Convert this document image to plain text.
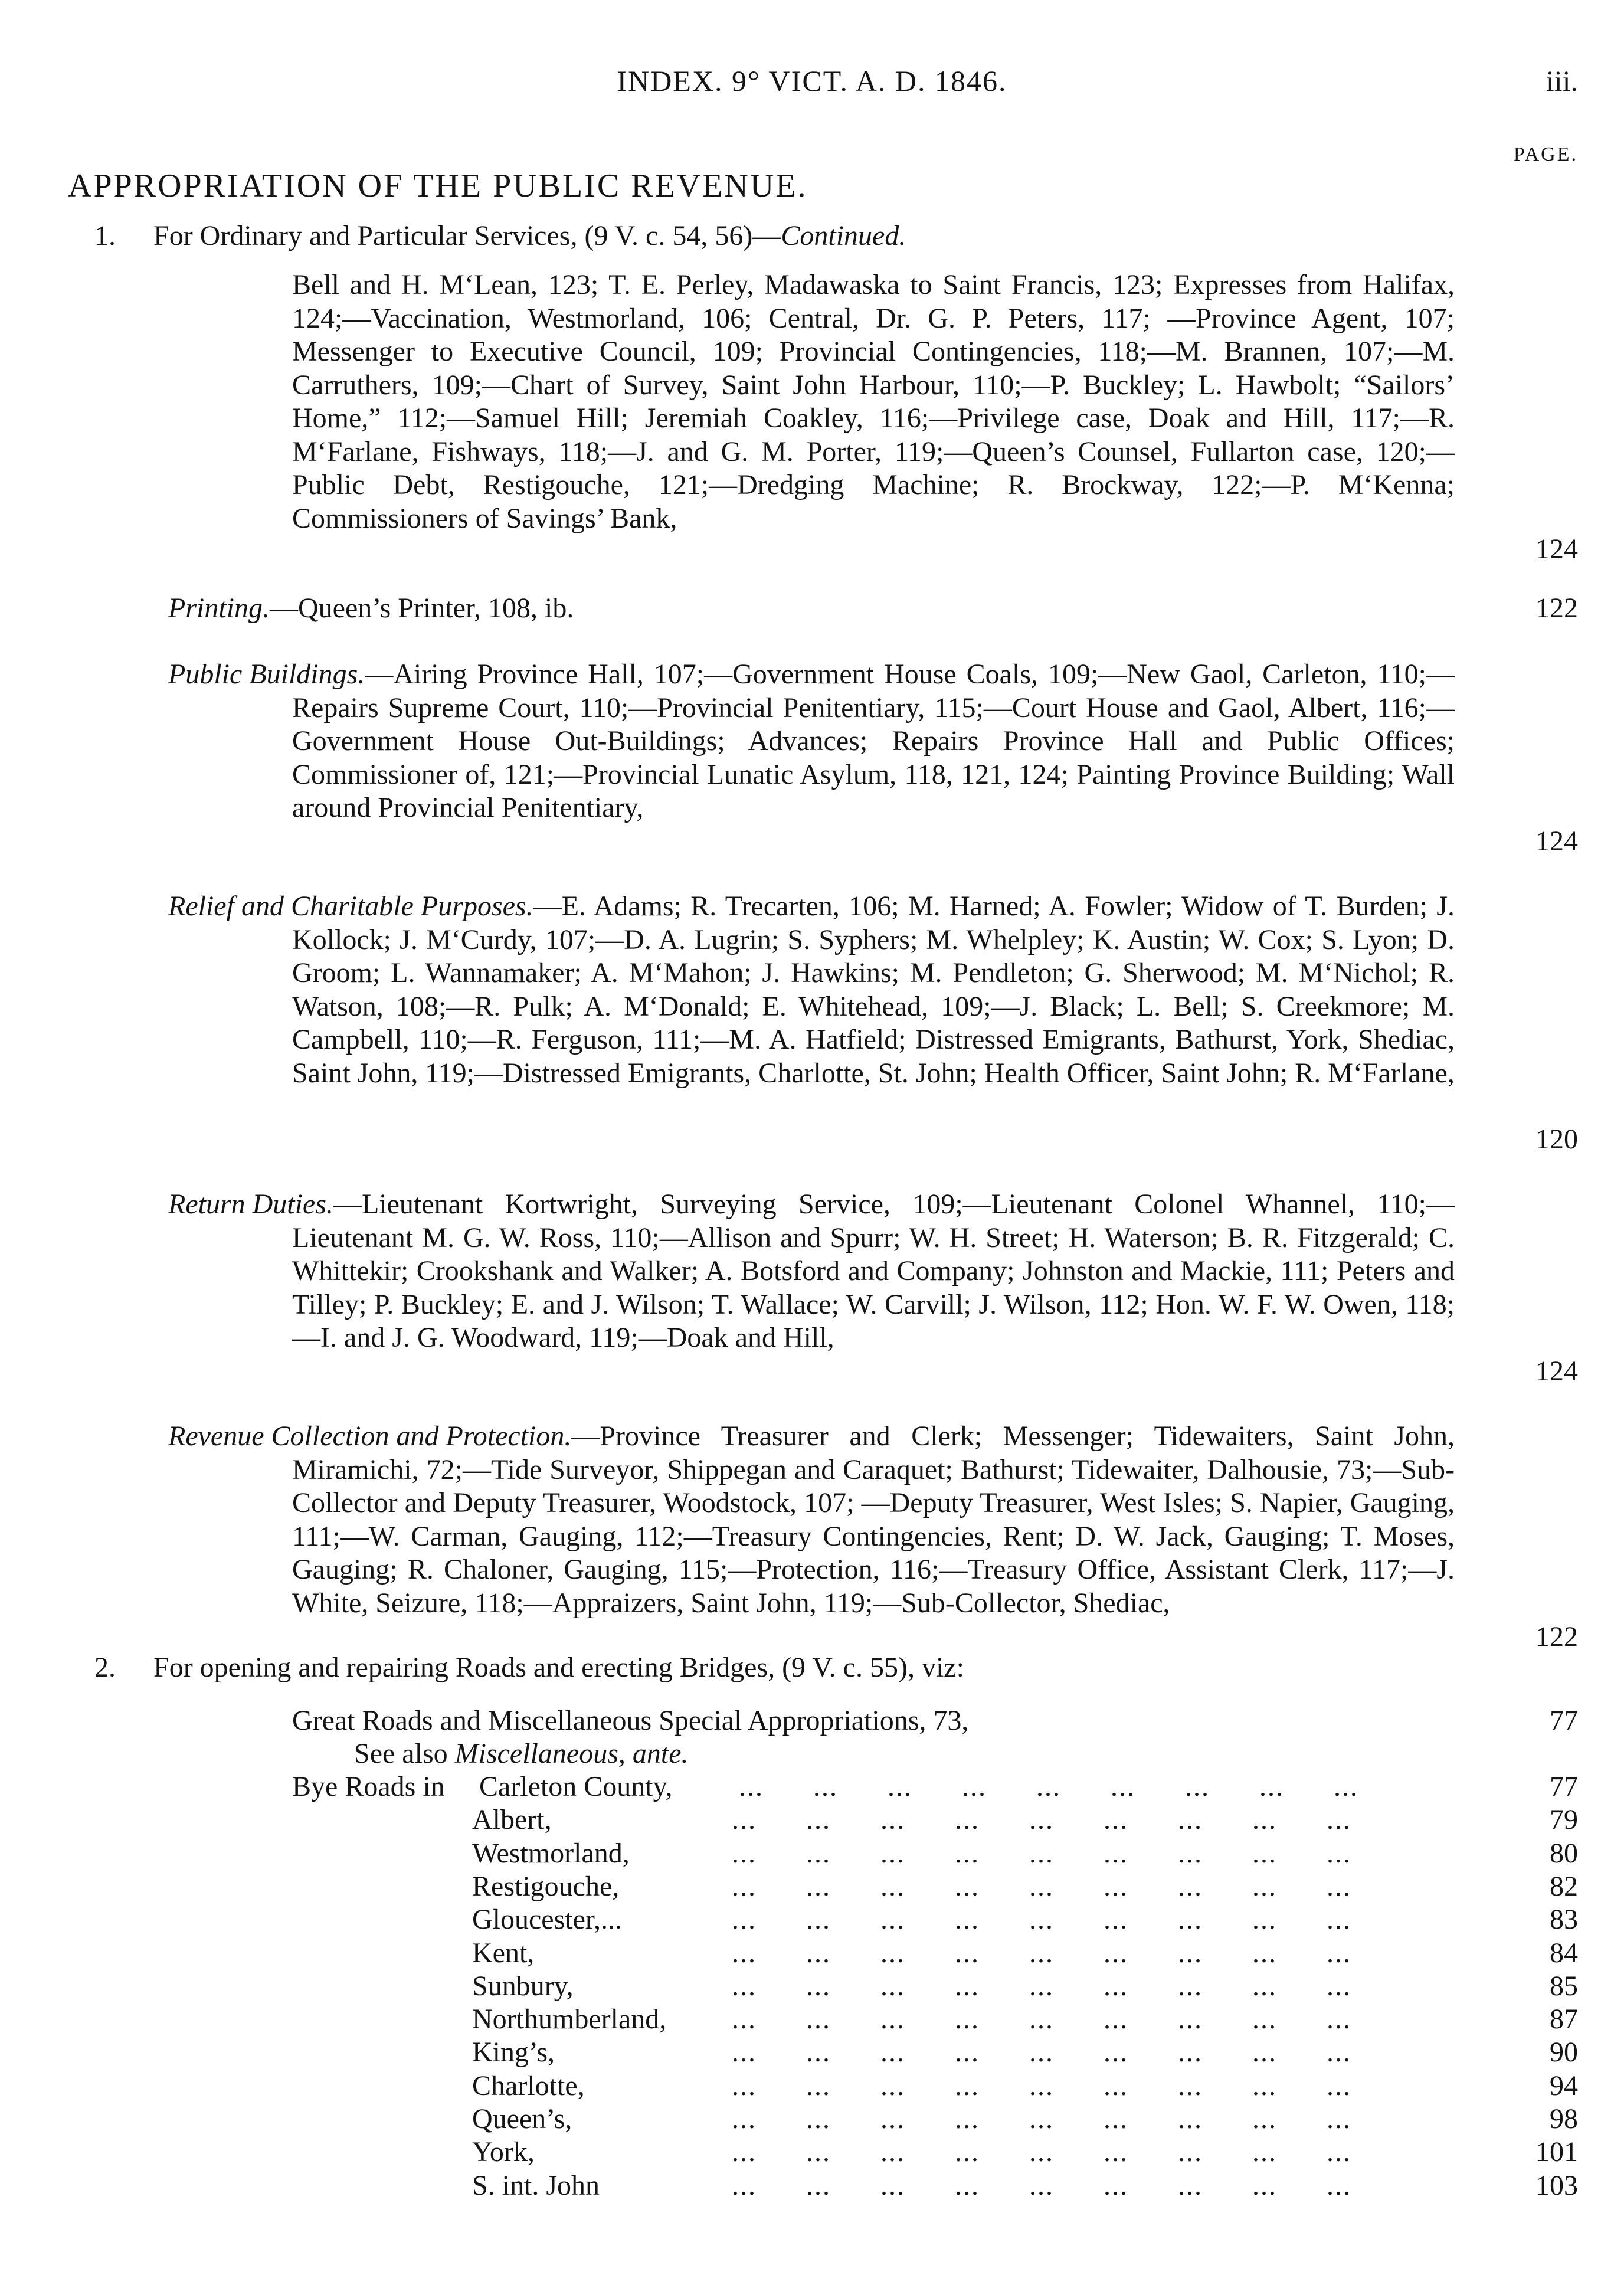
INDEX. 9° VICT. A. D. 1846.	iii.
PAGE.
APPROPRIATION OF THE PUBLIC REVENUE.
1. For Ordinary and Particular Services, (9 V. c. 54, 56)—Continued.
Bell and H. M‘Lean, 123; T. E. Perley, Madawaska to Saint Francis, 123; Expresses from Halifax, 124;—Vaccination, Westmorland, 106; Central, Dr. G. P. Peters, 117; —Province Agent, 107; Messenger to Executive Council, 109; Provincial Contingencies, 118;—M. Brannen, 107;—M. Carruthers, 109;—Chart of Survey, Saint John Harbour, 110;—P. Buckley; L. Hawbolt; “Sailors’ Home,” 112;—Samuel Hill; Jeremiah Coakley, 116;—Privilege case, Doak and Hill, 117;—R. M‘Farlane, Fishways, 118;—J. and G. M. Porter, 119;—Queen’s Counsel, Fullarton case, 120;—Public Debt, Restigouche, 121;—Dredging Machine; R. Brockway, 122;—P. M‘Kenna; Commissioners of Savings’ Bank,
124
Printing.—Queen’s Printer, 108, ib.	122
Public Buildings.—Airing Province Hall, 107;—Government House Coals, 109;—New Gaol, Carleton, 110;—Repairs Supreme Court, 110;—Provincial Penitentiary, 115;—Court House and Gaol, Albert, 116;—Government House Out-Buildings; Advances; Repairs Province Hall and Public Offices; Commissioner of, 121;—Provincial Lunatic Asylum, 118, 121, 124; Painting Province Building; Wall around Provincial Penitentiary,
124
Relief and Charitable Purposes.—E. Adams; R. Trecarten, 106; M. Harned; A. Fowler; Widow of T. Burden; J. Kollock; J. M‘Curdy, 107;—D. A. Lugrin; S. Syphers; M. Whelpley; K. Austin; W. Cox; S. Lyon; D. Groom; L. Wannamaker; A. M‘Mahon; J. Hawkins; M. Pendleton; G. Sherwood; M. M‘Nichol; R. Watson, 108;—R. Pulk; A. M‘Donald; E. Whitehead, 109;—J. Black; L. Bell; S. Creekmore; M. Campbell, 110;—R. Ferguson, 111;—M. A. Hatfield; Distressed Emigrants, Bathurst, York, Shediac, Saint John, 119;—Distressed Emigrants, Charlotte, St. John; Health Officer, Saint John; R. M‘Farlane,
120
Return Duties.—Lieutenant Kortwright, Surveying Service, 109;—Lieutenant Colonel Whannel, 110;—Lieutenant M. G. W. Ross, 110;—Allison and Spurr; W. H. Street; H. Waterson; B. R. Fitzgerald; C. Whittekir; Crookshank and Walker; A. Botsford and Company; Johnston and Mackie, 111; Peters and Tilley; P. Buckley; E. and J. Wilson; T. Wallace; W. Carvill; J. Wilson, 112; Hon. W. F. W. Owen, 118;—I. and J. G. Woodward, 119;—Doak and Hill,
124
Revenue Collection and Protection.—Province Treasurer and Clerk; Messenger; Tidewaiters, Saint John, Miramichi, 72;—Tide Surveyor, Shippegan and Caraquet; Bathurst; Tidewaiter, Dalhousie, 73;—Sub-Collector and Deputy Treasurer, Woodstock, 107; —Deputy Treasurer, West Isles; S. Napier, Gauging, 111;—W. Carman, Gauging, 112;—Treasury Contingencies, Rent; D. W. Jack, Gauging; T. Moses, Gauging; R. Chaloner, Gauging, 115;—Protection, 116;—Treasury Office, Assistant Clerk, 117;—J. White, Seizure, 118;—Appraizers, Saint John, 119;—Sub-Collector, Shediac,
122
2. For opening and repairing Roads and erecting Bridges, (9 V. c. 55), viz:
Great Roads and Miscellaneous Special Appropriations, 73,	77
See also Miscellaneous, ante.
Bye Roads in Carleton County, ...      ...      ...      ...      ...      ...      ...      ...      ...	77
Albert,	...      ...      ...      ...      ...      ...      ...      ...      ...	79
Westmorland,	...      ...      ...      ...      ...      ...      ...      ...      ...	80
Restigouche,	...      ...      ...      ...      ...      ...      ...      ...      ...	82
Gloucester,...	...      ...      ...      ...      ...      ...      ...      ...      ...	83
Kent,	...      ...      ...      ...      ...      ...      ...      ...      ...	84
Sunbury,	...      ...      ...      ...      ...      ...      ...      ...      ...	85
Northumberland, ...      ...      ...      ...      ...      ...      ...      ...      ...	87
King’s,	...      ...      ...      ...      ...      ...      ...      ...      ...	90
Charlotte,	...      ...      ...      ...      ...      ...      ...      ...      ...	94
Queen’s,	...      ...      ...      ...      ...      ...      ...      ...      ...	98
York,	...      ...      ...      ...      ...      ...      ...      ...      ...	101
S. int. John	...      ...      ...      ...      ...      ...      ...      ...      ...	103
